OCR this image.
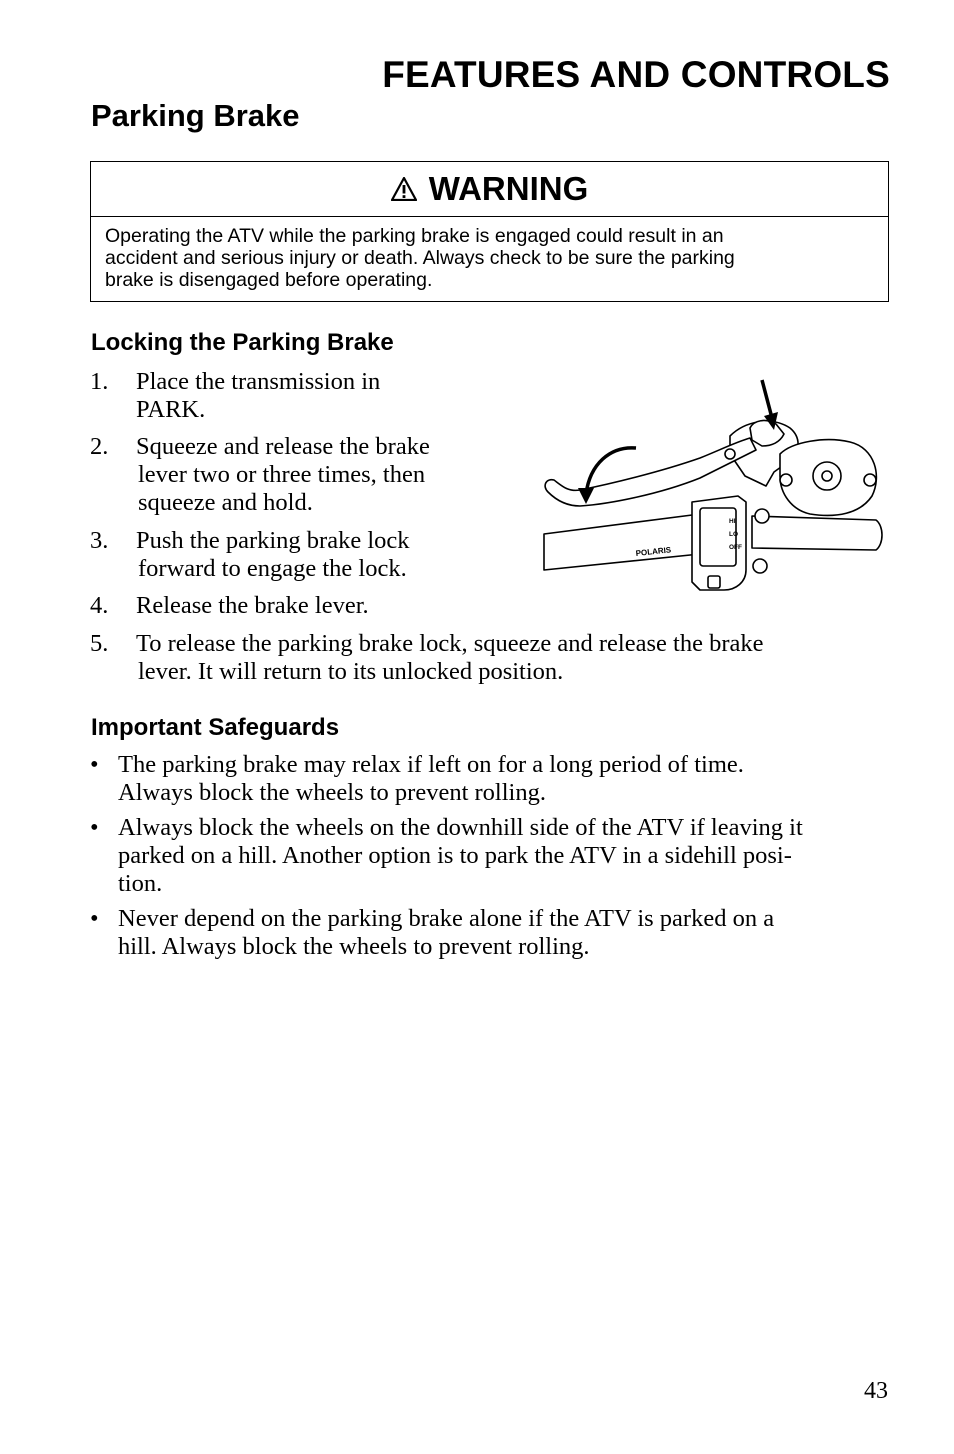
FEATURES AND CONTROLS
Parking Brake
WARNING
Operating the ATV while the parking brake is engaged could result in an
accident and serious injury or death. Always check to be sure the parking
brake is disengaged before operating.
Locking the Parking Brake
1. Place the transmission in
PARK.
2. Squeeze and release the brake
lever two or three times, then
squeeze and hold.
3. Push the parking brake lock
forward to engage the lock.
4. Release the brake lever.
5. To release the parking brake lock, squeeze and release the brake
lever. It will return to its unlocked position.
HI
LO
OFF
POLARIS
Important Safeguards
• The parking brake may relax if left on for a long period of time.
Always block the wheels to prevent rolling.
• Always block the wheels on the downhill side of the ATV if leaving it
parked on a hill. Another option is to park the ATV in a sidehill posi-
tion.
• Never depend on the parking brake alone if the ATV is parked on a
hill. Always block the wheels to prevent rolling.
43
